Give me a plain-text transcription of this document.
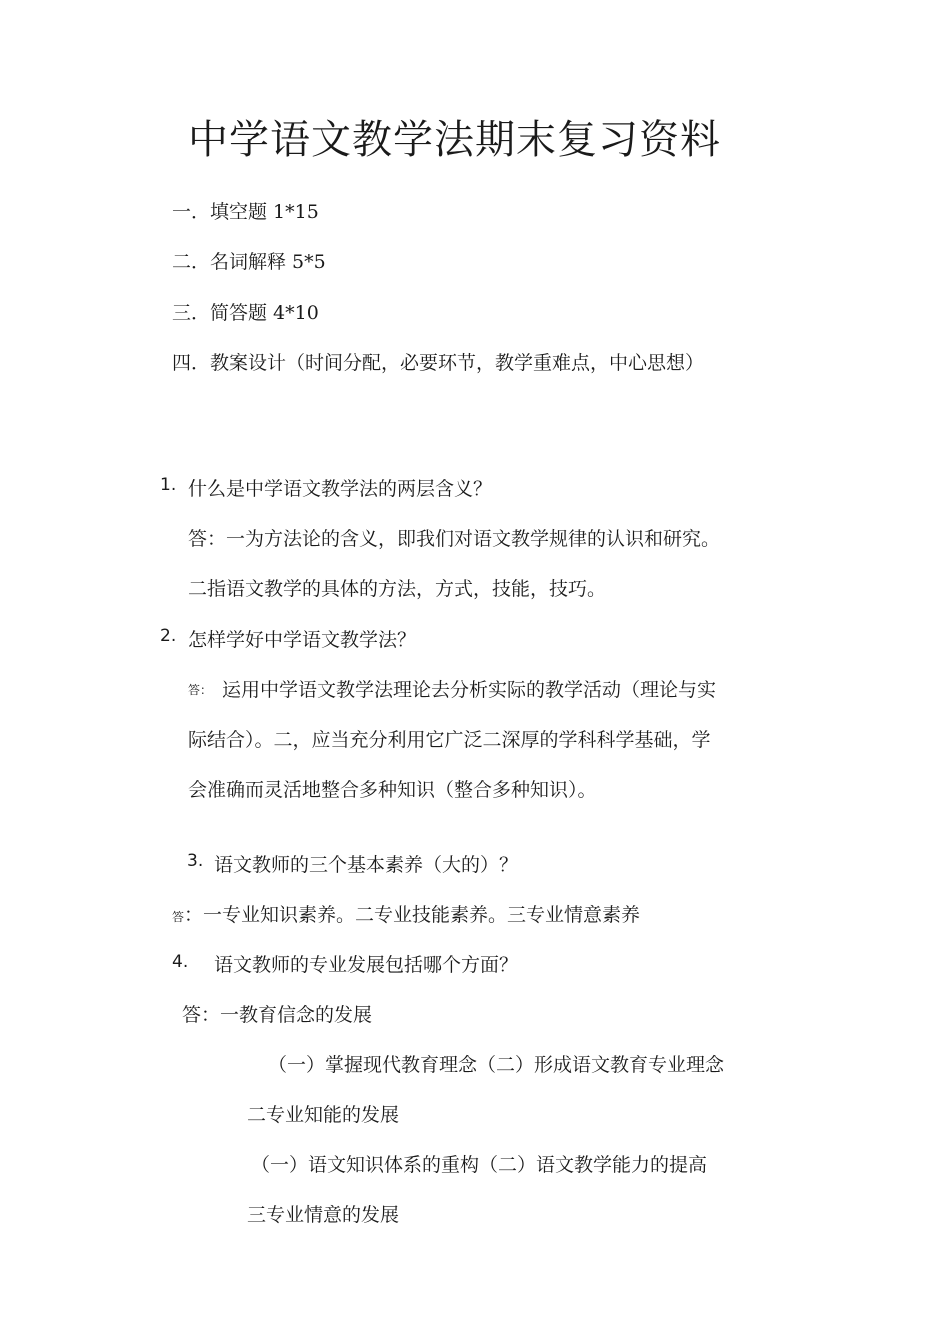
中学语文教学法期末复习资料
一．填空题 1*15
二．名词解释 5*5
三．简答题 4*10
四．教案设计（时间分配，必要环节，教学重难点，中心思想）
1. 什么是中学语文教学法的两层含义？
答：一为方法论的含义，即我们对语文教学规律的认识和研究。
二指语文教学的具体的方法，方式，技能，技巧。
2. 怎样学好中学语文教学法？
答： 运用中学语文教学法理论去分析实际的教学活动（理论与实
际结合）。二，应当充分利用它广泛二深厚的学科科学基础，学
会准确而灵活地整合多种知识（整合多种知识）。
3. 语文教师的三个基本素养（大的）？
答 ：一专业知识素养。二专业技能素养。三专业情意素养
4. 语文教师的专业发展包括哪个方面？
答：一教育信念的发展
（一）掌握现代教育理念（二）形成语文教育专业理念
二专业知能的发展
（一）语文知识体系的重构（二）语文教学能力的提高
三专业情意的发展
